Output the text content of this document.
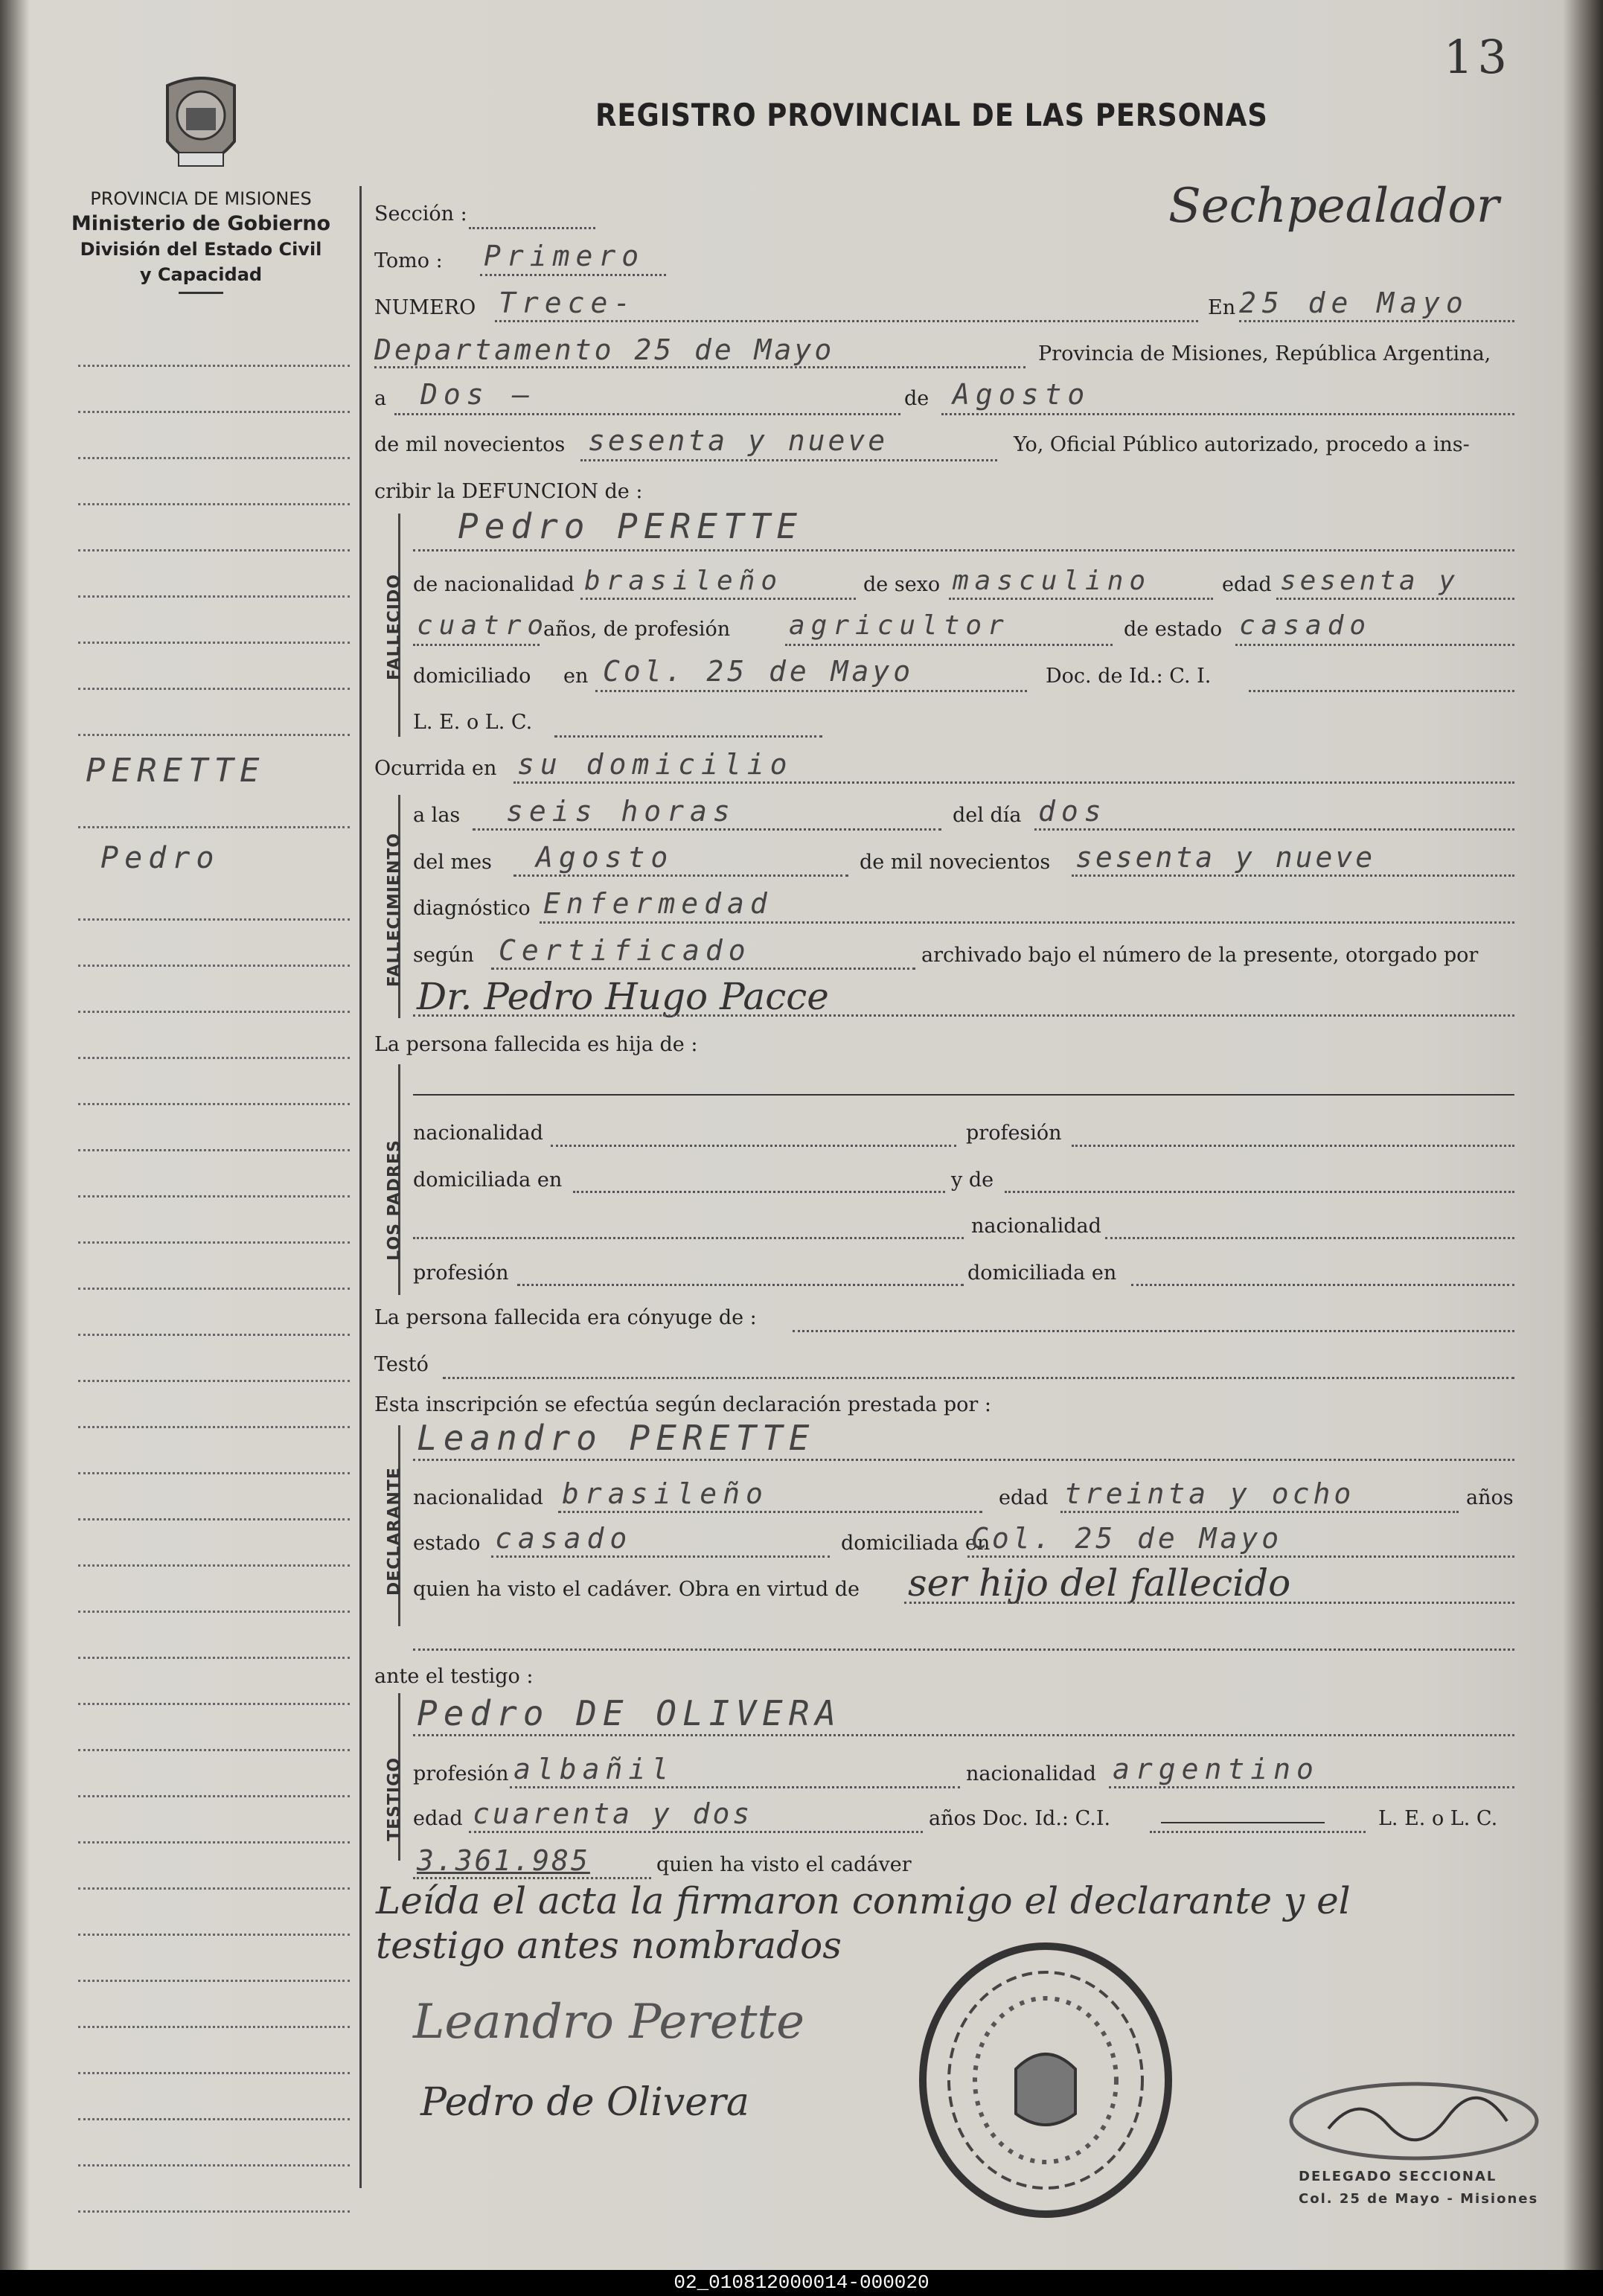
13
REGISTRO PROVINCIAL DE LAS PERSONAS
PROVINCIA DE MISIONES
Ministerio de Gobierno
División del Estado Civil
y Capacidad
PERETTE
Pedro
Sección :	Sechpealador
Tomo : Primero
NUMERO Trece-	En 25 de Mayo
Departamento 25 de Mayo	Provincia de Misiones, República Argentina,
a Dos —	de Agosto
de mil novecientos sesenta y nueve	Yo, Oficial Público autorizado, procedo a ins-
cribir la DEFUNCION de :
FALLECIDO
Pedro PERETTE
de nacionalidad brasileño	de sexo masculino	edad sesenta y
cuatro
años, de profesión agricultor	de estado casado
domiciliado en Col. 25 de Mayo	Doc. de Id.: C. I.
L. E. o L. C.
Ocurrida en su domicilio
FALLECIMIENTO
a las seis horas	del día dos
del mes Agosto	de mil novecientos sesenta y nueve
diagnóstico Enfermedad
según Certificado	archivado bajo el número de la presente, otorgado por
Dr. Pedro Hugo Pacce
La persona fallecida es hija de :
LOS PADRES
nacionalidad	profesión
domiciliada en	y de
nacionalidad
profesión	domiciliada en
La persona fallecida era cónyuge de :
Testó
Esta inscripción se efectúa según declaración prestada por :
DECLARANTE
Leandro PERETTE
nacionalidad brasileño	edad treinta y ocho	años
estado casado	domiciliada en
Col. 25 de Mayo
quien ha visto el cadáver. Obra en virtud de ser hijo del fallecido
ante el testigo :
TESTIGO
Pedro DE OLIVERA
profesión albañil	nacionalidad argentino
edad cuarenta y dos	años Doc. Id.: C.I.	L. E. o L. C.
3.361.985	quien ha visto el cadáver
Leída el acta la firmaron conmigo el declarante y el
testigo antes nombrados
Leandro Perette
Pedro de Olivera
DELEGADO SECCIONAL
Col. 25 de Mayo - Misiones
02_010812000014-000020
